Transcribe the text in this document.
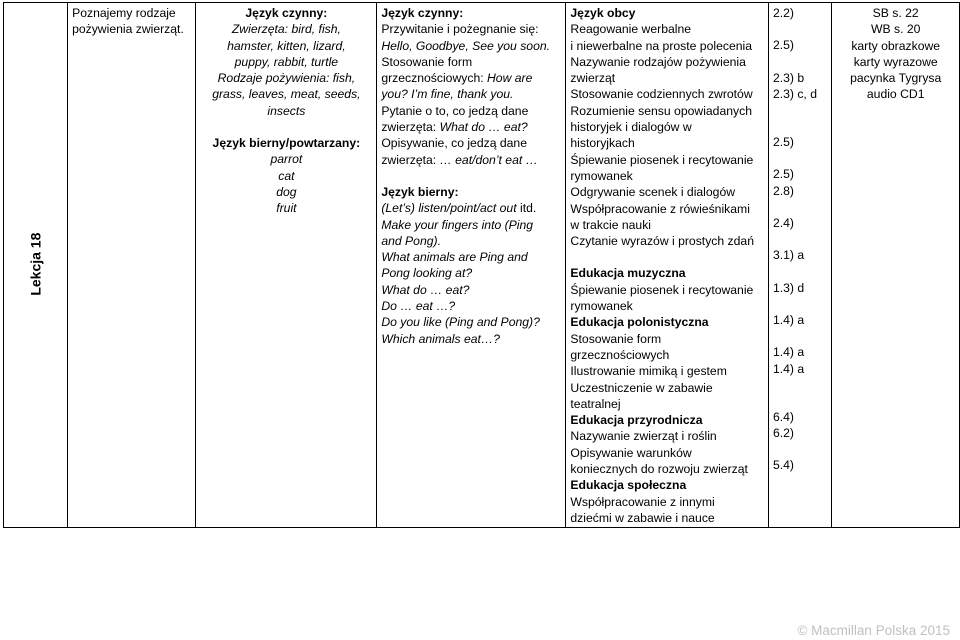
Lekcja 18	
Poznajemy rodzaje
pożywienia zwierząt.

Język czynny:
Zwierzęta: bird, fish,
hamster, kitten, lizard,
puppy, rabbit, turtle
Rodzaje pożywienia: fish,
grass, leaves, meat, seeds,
insects
Język bierny/powtarzany:
parrot
cat
dog
fruit

Język czynny:
Przywitanie i pożegnanie się:
Hello, Goodbye, See you soon.
Stosowanie form
grzecznościowych: How are
you? I’m fine, thank you.
Pytanie o to, co jedzą dane
zwierzęta: What do … eat?
Opisywanie, co jedzą dane
zwierzęta: … eat/don’t eat …
Język bierny:
(Let’s) listen/point/act out itd.
Make your fingers into (Ping
and Pong).
What animals are Ping and
Pong looking at?
What do … eat?
Do … eat …?
Do you like (Ping and Pong)?
Which animals eat…?

Język obcy
Reagowanie werbalne
i niewerbalne na proste polecenia
Nazywanie rodzajów pożywienia
zwierząt
Stosowanie codziennych zwrotów
Rozumienie sensu opowiadanych
historyjek i dialogów w
historyjkach
Śpiewanie piosenek i recytowanie
rymowanek
Odgrywanie scenek i dialogów
Współpracowanie z rówieśnikami
w trakcie nauki
Czytanie wyrazów i prostych zdań
Edukacja muzyczna
Śpiewanie piosenek i recytowanie
rymowanek
Edukacja polonistyczna
Stosowanie form
grzecznościowych
Ilustrowanie mimiką i gestem
Uczestniczenie w zabawie
teatralnej
Edukacja przyrodnicza
Nazywanie zwierząt i roślin
Opisywanie warunków
koniecznych do rozwoju zwierząt
Edukacja społeczna
Współpracowanie z innymi
dziećmi w zabawie i nauce

2.2)
2.5)
2.3) b
2.3) c, d
2.5)
2.5)
2.8)
2.4)
3.1) a
1.3) d
1.4) a
1.4) a
1.4) a
6.4)
6.2)
5.4)

SB s. 22
WB s. 20
karty obrazkowe
karty wyrazowe
pacynka Tygrysa
audio CD1
© Macmillan Polska 2015
